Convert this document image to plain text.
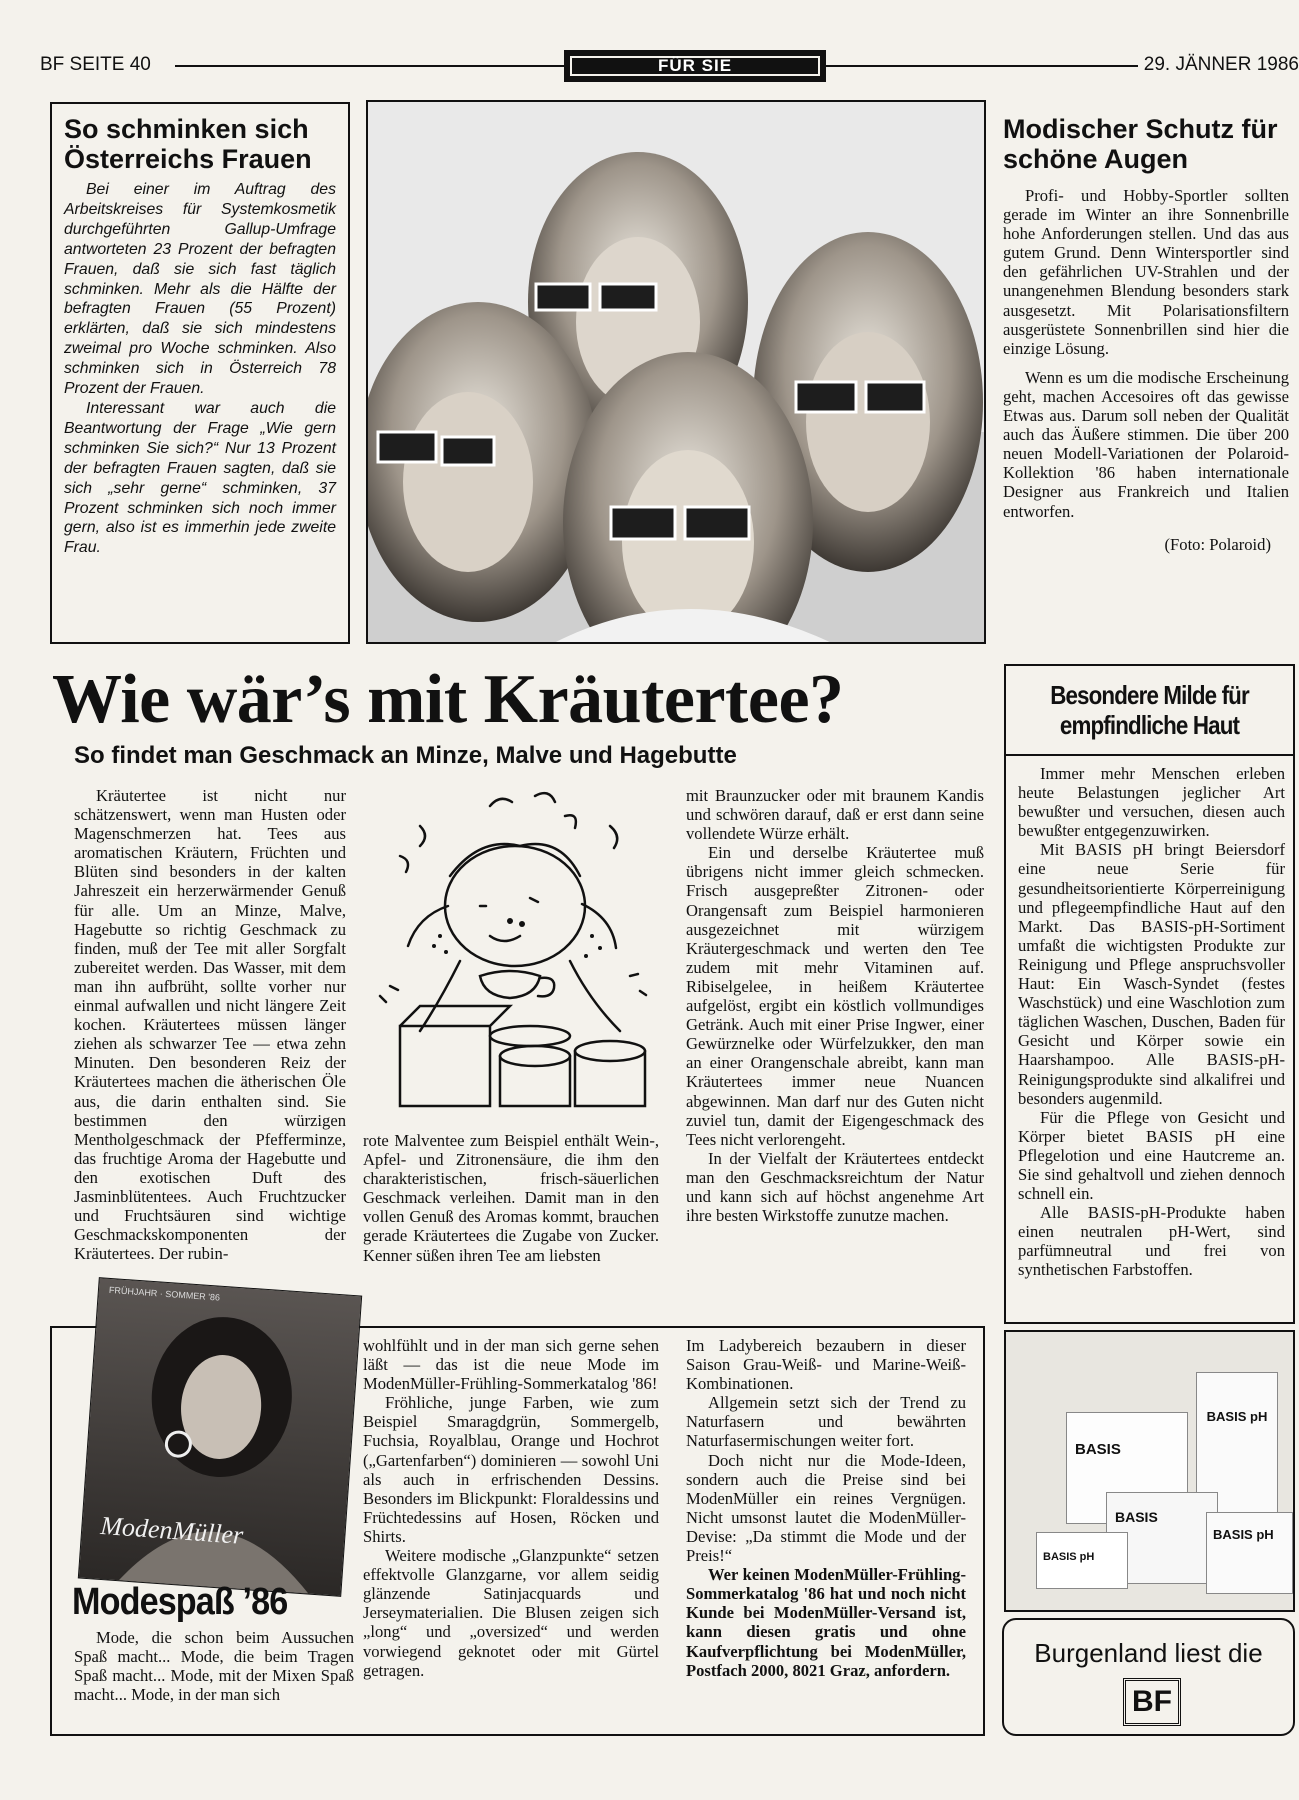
BF SEITE 40	FÜR SIE	29. JÄNNER 1986
So schminken sich Österreichs Frauen

Bei einer im Auftrag des Arbeitskreises für Systemkosmetik durchgeführten Gallup-Umfrage antworteten 23 Prozent der befragten Frauen, daß sie sich fast täglich schminken. Mehr als die Hälfte der befragten Frauen (55 Prozent) erklärten, daß sie sich mindestens zweimal pro Woche schminken. Also schminken sich in Österreich 78 Prozent der Frauen.

Interessant war auch die Beantwortung der Frage „Wie gern schminken Sie sich?“ Nur 13 Prozent der befragten Frauen sagten, daß sie sich „sehr gerne“ schminken, 37 Prozent schminken sich noch immer gern, also ist es immerhin jede zweite Frau.

Modischer Schutz für schöne Augen

Profi- und Hobby-Sportler sollten gerade im Winter an ihre Sonnenbrille hohe Anforderungen stellen. Und das aus gutem Grund. Denn Wintersportler sind den gefährlichen UV-Strahlen und der unangenehmen Blendung besonders stark ausgesetzt. Mit Polarisationsfiltern ausgerüstete Sonnenbrillen sind hier die einzige Lösung.

Wenn es um die modische Erscheinung geht, machen Accesoires oft das gewisse Etwas aus. Darum soll neben der Qualität auch das Äußere stimmen. Die über 200 neuen Modell-Variationen der Polaroid-Kollektion '86 haben internationale Designer aus Frankreich und Italien entworfen.

(Foto: Polaroid)

Wie wär’s mit Kräutertee?
So findet man Geschmack an Minze, Malve und Hagebutte

Kräutertee ist nicht nur schätzenswert, wenn man Husten oder Magenschmerzen hat. Tees aus aromatischen Kräutern, Früchten und Blüten sind besonders in der kalten Jahreszeit ein herzerwärmender Genuß für alle. Um an Minze, Malve, Hagebutte so richtig Geschmack zu finden, muß der Tee mit aller Sorgfalt zubereitet werden. Das Wasser, mit dem man ihn aufbrüht, sollte vorher nur einmal aufwallen und nicht längere Zeit kochen. Kräutertees müssen länger ziehen als schwarzer Tee — etwa zehn Minuten. Den besonderen Reiz der Kräutertees machen die ätherischen Öle aus, die darin enthalten sind. Sie bestimmen den würzigen Mentholgeschmack der Pfefferminze, das fruchtige Aroma der Hagebutte und den exotischen Duft des Jasminblütentees. Auch Fruchtzucker und Fruchtsäuren sind wichtige Geschmackskomponenten der Kräutertees. Der rubin-

rote Malventee zum Beispiel enthält Wein-, Apfel- und Zitronensäure, die ihm den charakteristischen, frisch-säuerlichen Geschmack verleihen. Damit man in den vollen Genuß des Aromas kommt, brauchen gerade Kräutertees die Zugabe von Zucker. Kenner süßen ihren Tee am liebsten

mit Braunzucker oder mit braunem Kandis und schwören darauf, daß er erst dann seine vollendete Würze erhält.

Ein und derselbe Kräutertee muß übrigens nicht immer gleich schmecken. Frisch ausgepreßter Zitronen- oder Orangensaft zum Beispiel harmonieren ausgezeichnet mit würzigem Kräutergeschmack und werten den Tee zudem mit mehr Vitaminen auf. Ribiselgelee, in heißem Kräutertee aufgelöst, ergibt ein köstlich vollmundiges Getränk. Auch mit einer Prise Ingwer, einer Gewürznelke oder Würfelzukker, den man an einer Orangenschale abreibt, kann man Kräutertees immer neue Nuancen abgewinnen. Man darf nur des Guten nicht zuviel tun, damit der Eigengeschmack des Tees nicht verlorengeht.

In der Vielfalt der Kräutertees entdeckt man den Geschmacksreichtum der Natur und kann sich auf höchst angenehme Art ihre besten Wirkstoffe zunutze machen.

Besondere Milde für empfindliche Haut

Immer mehr Menschen erleben heute Belastungen jeglicher Art bewußter und versuchen, diesen auch bewußter entgegenzuwirken.

Mit BASIS pH bringt Beiersdorf eine neue Serie für gesundheitsorientierte Körperreinigung und pflegeempfindliche Haut auf den Markt. Das BASIS-pH-Sortiment umfaßt die wichtigsten Produkte zur Reinigung und Pflege anspruchsvoller Haut: Ein Wasch-Syndet (festes Waschstück) und eine Waschlotion zum täglichen Waschen, Duschen, Baden für Gesicht und Körper sowie ein Haarshampoo. Alle BASIS-pH-Reinigungsprodukte sind alkalifrei und besonders augenmild.

Für die Pflege von Gesicht und Körper bietet BASIS pH eine Pflegelotion und eine Hautcreme an. Sie sind gehaltvoll und ziehen dennoch schnell ein.

Alle BASIS-pH-Produkte haben einen neutralen pH-Wert, sind parfümneutral und frei von synthetischen Farbstoffen.

BASIS pH
BASIS
BASIS
BASIS pH
BASIS pH
Burgenland liest die
BF
FRÜHJAHR · SOMMER '86
ModenMüller
Modespaß ’86

Mode, die schon beim Aussuchen Spaß macht... Mode, die beim Tragen Spaß macht... Mode, mit der Mixen Spaß macht... Mode, in der man sich

wohlfühlt und in der man sich gerne sehen läßt — das ist die neue Mode im ModenMüller-Frühling-Sommerkatalog '86!

Fröhliche, junge Farben, wie zum Beispiel Smaragdgrün, Sommergelb, Fuchsia, Royalblau, Orange und Hochrot („Gartenfarben“) dominieren — sowohl Uni als auch in erfrischenden Dessins. Besonders im Blickpunkt: Floraldessins und Früchtedessins auf Hosen, Röcken und Shirts.

Weitere modische „Glanzpunkte“ setzen effektvolle Glanzgarne, vor allem seidig glänzende Satinjacquards und Jerseymaterialien. Die Blusen zeigen sich „long“ und „oversized“ und werden vorwiegend geknotet oder mit Gürtel getragen.

Im Ladybereich bezaubern in dieser Saison Grau-Weiß- und Marine-Weiß-Kombinationen.

Allgemein setzt sich der Trend zu Naturfasern und bewährten Naturfasermischungen weiter fort.

Doch nicht nur die Mode-Ideen, sondern auch die Preise sind bei ModenMüller ein reines Vergnügen. Nicht umsonst lautet die ModenMüller-Devise: „Da stimmt die Mode und der Preis!“

Wer keinen ModenMüller-Frühling-Sommerkatalog '86 hat und noch nicht Kunde bei ModenMüller-Versand ist, kann diesen gratis und ohne Kaufverpflichtung bei ModenMüller, Postfach 2000, 8021 Graz, anfordern.
